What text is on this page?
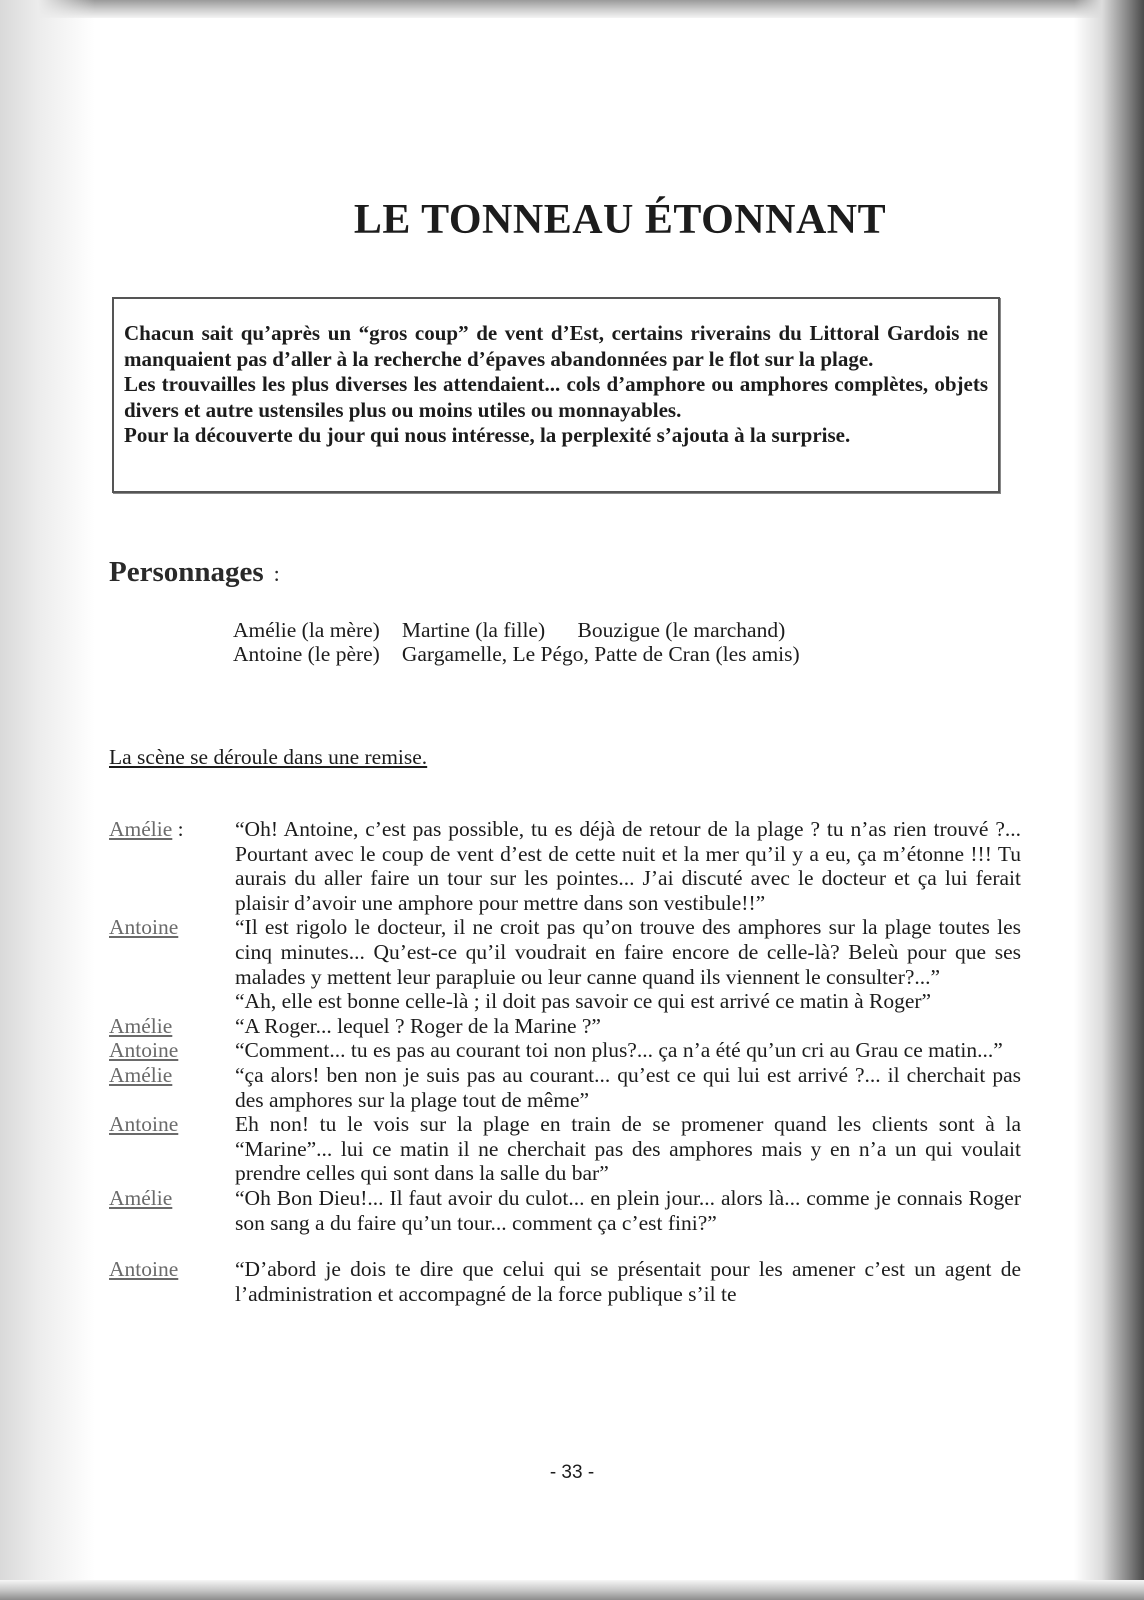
LE TONNEAU ÉTONNANT

Chacun sait qu’après un “gros coup” de vent d’Est, certains riverains du Littoral Gardois ne manquaient pas d’aller à la recherche d’épaves abandonnées par le flot sur la plage.

Les trouvailles les plus diverses les attendaient... cols d’amphore ou amphores complètes, objets divers et autre ustensiles plus ou moins utiles ou monnayables.

Pour la découverte du jour qui nous intéresse, la perplexité s’ajouta à la surprise.

Personnages :
Amélie (la mère)	Martine (la fille)	Bouzigue (le marchand)
Antoine (le père)	Gargamelle, Le Pégo, Patte de Cran (les amis)	

La scène se déroule dans une remise.

Amélie :	“Oh! Antoine, c’est pas possible, tu es déjà de retour de la plage ? tu n’as rien trouvé ?... Pourtant avec le coup de vent d’est de cette nuit et la mer qu’il y a eu, ça m’étonne !!! Tu aurais du aller faire un tour sur les pointes... J’ai discuté avec le docteur et ça lui ferait plaisir d’avoir une amphore pour mettre dans son vestibule!!”
Antoine	“Il est rigolo le docteur, il ne croit pas qu’on trouve des amphores sur la plage toutes les cinq minutes... Qu’est-ce qu’il voudrait en faire encore de celle-là? Beleù pour que ses malades y mettent leur parapluie ou leur canne quand ils viennent le consulter?...”
“Ah, elle est bonne celle-là ; il doit pas savoir ce qui est arrivé ce matin à Roger”
Amélie	“A Roger... lequel ? Roger de la Marine ?”
Antoine	“Comment... tu es pas au courant toi non plus?... ça n’a été qu’un cri au Grau ce matin...”
Amélie	“ça alors! ben non je suis pas au courant... qu’est ce qui lui est arrivé ?... il cherchait pas des amphores sur la plage tout de même”
Antoine	Eh non! tu le vois sur la plage en train de se promener quand les clients sont à la “Marine”... lui ce matin il ne cherchait pas des amphores mais y en n’a un qui voulait prendre celles qui sont dans la salle du bar”
Amélie	“Oh Bon Dieu!... Il faut avoir du culot... en plein jour... alors là... comme je connais Roger son sang a du faire qu’un tour... comment ça c’est fini?”
Antoine	“D’abord je dois te dire que celui qui se présentait pour les amener c’est un agent de l’administration et accompagné de la force publique s’il te

- 33 -
